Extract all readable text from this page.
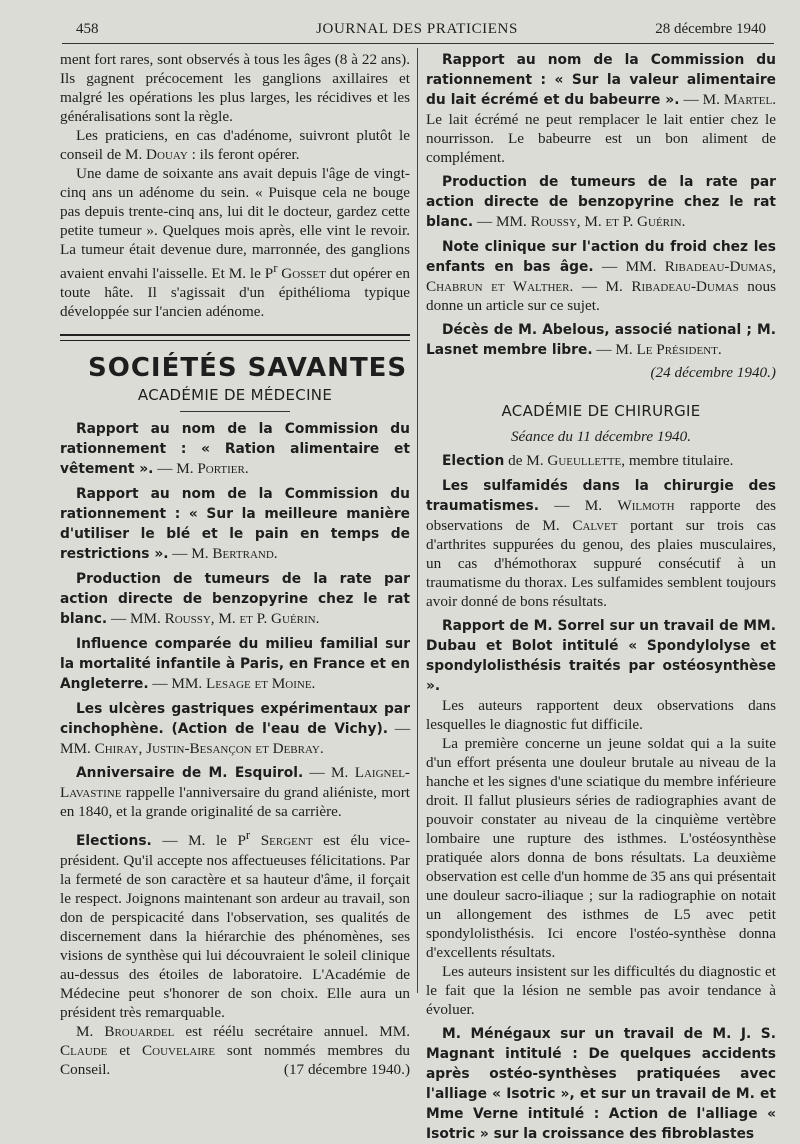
458	JOURNAL DES PRATICIENS	28 décembre 1940

ment fort rares, sont observés à tous les âges (8 à 22 ans). Ils gagnent précocement les ganglions axillaires et malgré les opérations les plus larges, les récidives et les généralisations sont la règle.

Les praticiens, en cas d'adénome, suivront plutôt le conseil de M. Douay : ils feront opérer.

Une dame de soixante ans avait depuis l'âge de vingt-cinq ans un adénome du sein. « Puisque cela ne bouge pas depuis trente-cinq ans, lui dit le docteur, gardez cette petite tumeur ». Quelques mois après, elle vint le revoir. La tumeur était devenue dure, marronnée, des ganglions avaient envahi l'aisselle. Et M. le $P^r$ Gosset dut opérer en toute hâte. Il s'agissait d'un épithélioma typique développée sur l'ancien adénome.

SOCIÉTÉS SAVANTES
ACADÉMIE DE MÉDECINE

Rapport au nom de la Commission du rationnement : « Ration alimentaire et vêtement ». — M. Portier.

Rapport au nom de la Commission du rationnement : « Sur la meilleure manière d'utiliser le blé et le pain en temps de restrictions ». — M. Bertrand.

Production de tumeurs de la rate par action directe de benzopyrine chez le rat blanc. — MM. Roussy, M. et P. Guérin.

Influence comparée du milieu familial sur la mortalité infantile à Paris, en France et en Angleterre. — MM. Lesage et Moine.

Les ulcères gastriques expérimentaux par cinchophène. (Action de l'eau de Vichy). — MM. Chiray, Justin-Besançon et Debray.

Anniversaire de M. Esquirol. — M. Laignel-Lavastine rappelle l'anniversaire du grand aliéniste, mort en 1840, et la grande originalité de sa carrière.

Elections. — M. le $P^r$ Sergent est élu vice-président. Qu'il accepte nos affectueuses félicitations. Par la fermeté de son caractère et sa hauteur d'âme, il forçait le respect. Joignons maintenant son ardeur au travail, son don de perspicacité dans l'observation, ses qualités de discernement dans la hiérarchie des phénomènes, ses visions de synthèse qui lui découvraient le soleil clinique au-dessus des étoiles de laboratoire. L'Académie de Médecine peut s'honorer de son choix. Elle aura un président très remarquable.

M. Brouardel est réélu secrétaire annuel. MM. Claude et Couvelaire sont nommés membres du Conseil.	(17 décembre 1940.)

Rapport au nom de la Commission du rationnement : « Sur la valeur alimentaire du lait écrémé et du babeurre ». — M. Martel. Le lait écrémé ne peut remplacer le lait entier chez le nourrisson. Le babeurre est un bon aliment de complément.

Production de tumeurs de la rate par action directe de benzopyrine chez le rat blanc. — MM. Roussy, M. et P. Guérin.

Note clinique sur l'action du froid chez les enfants en bas âge. — MM. Ribadeau-Dumas, Chabrun et Walther. — M. Ribadeau-Dumas nous donne un article sur ce sujet.

Décès de M. Abelous, associé national ; M. Lasnet membre libre. — M. Le Président.

(24 décembre 1940.)

ACADÉMIE DE CHIRURGIE

Séance du 11 décembre 1940.

Election de M. Gueullette, membre titulaire.

Les sulfamidés dans la chirurgie des traumatismes. — M. Wilmoth rapporte des observations de M. Calvet portant sur trois cas d'arthrites suppurées du genou, des plaies musculaires, un cas d'hémothorax suppuré consécutif à un traumatisme du thorax. Les sulfamides semblent toujours avoir donné de bons résultats.

Rapport de M. Sorrel sur un travail de MM. Dubau et Bolot intitulé « Spondylolyse et spondylolisthésis traités par ostéosynthèse ».

Les auteurs rapportent deux observations dans lesquelles le diagnostic fut difficile.

La première concerne un jeune soldat qui a la suite d'un effort présenta une douleur brutale au niveau de la hanche et les signes d'une sciatique du membre inférieure droit. Il fallut plusieurs séries de radiographies avant de pouvoir constater au niveau de la cinquième vertèbre lombaire une rupture des isthmes. L'ostéosynthèse pratiquée alors donna de bons résultats. La deuxième observation est celle d'un homme de 35 ans qui présentait une douleur sacro-iliaque ; sur la radiographie on notait un allongement des isthmes de L5 avec petit spondylolisthésis. Ici encore l'ostéo-synthèse donna d'excellents résultats.

Les auteurs insistent sur les difficultés du diagnostic et le fait que la lésion ne semble pas avoir tendance à évoluer.

M. Ménégaux sur un travail de M. J. S. Magnant intitulé : De quelques accidents après ostéo-synthèses pratiquées avec l'alliage « Isotric », et sur un travail de M. et Mme Verne intitulé : Action de l'alliage « Isotric » sur la croissance des fibroblastes
